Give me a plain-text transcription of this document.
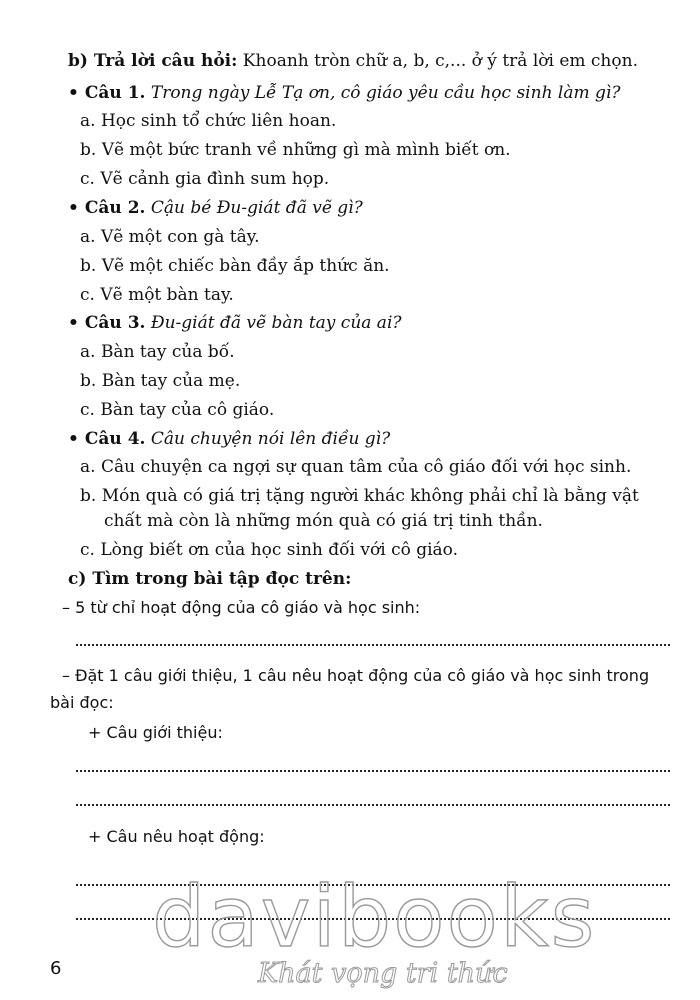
b) Trả lời câu hỏi: Khoanh tròn chữ a, b, c,... ở ý trả lời em chọn.
• Câu 1. Trong ngày Lễ Tạ ơn, cô giáo yêu cầu học sinh làm gì?
a. Học sinh tổ chức liên hoan.
b. Vẽ một bức tranh về những gì mà mình biết ơn.
c. Vẽ cảnh gia đình sum họp.
• Câu 2. Cậu bé Đu-giát đã vẽ gì?
a. Vẽ một con gà tây.
b. Vẽ một chiếc bàn đầy ắp thức ăn.
c. Vẽ một bàn tay.
• Câu 3. Đu-giát đã vẽ bàn tay của ai?
a. Bàn tay của bố.
b. Bàn tay của mẹ.
c. Bàn tay của cô giáo.
• Câu 4. Câu chuyện nói lên điều gì?
a. Câu chuyện ca ngợi sự quan tâm của cô giáo đối với học sinh.
b. Món quà có giá trị tặng người khác không phải chỉ là bằng vật
chất mà còn là những món quà có giá trị tinh thần.
c. Lòng biết ơn của học sinh đối với cô giáo.
c) Tìm trong bài tập đọc trên:
– 5 từ chỉ hoạt động của cô giáo và học sinh:
– Đặt 1 câu giới thiệu, 1 câu nêu hoạt động của cô giáo và học sinh trong
bài đọc:
+ Câu giới thiệu:
+ Câu nêu hoạt động:
davibooks
Khát vọng tri thức
6
